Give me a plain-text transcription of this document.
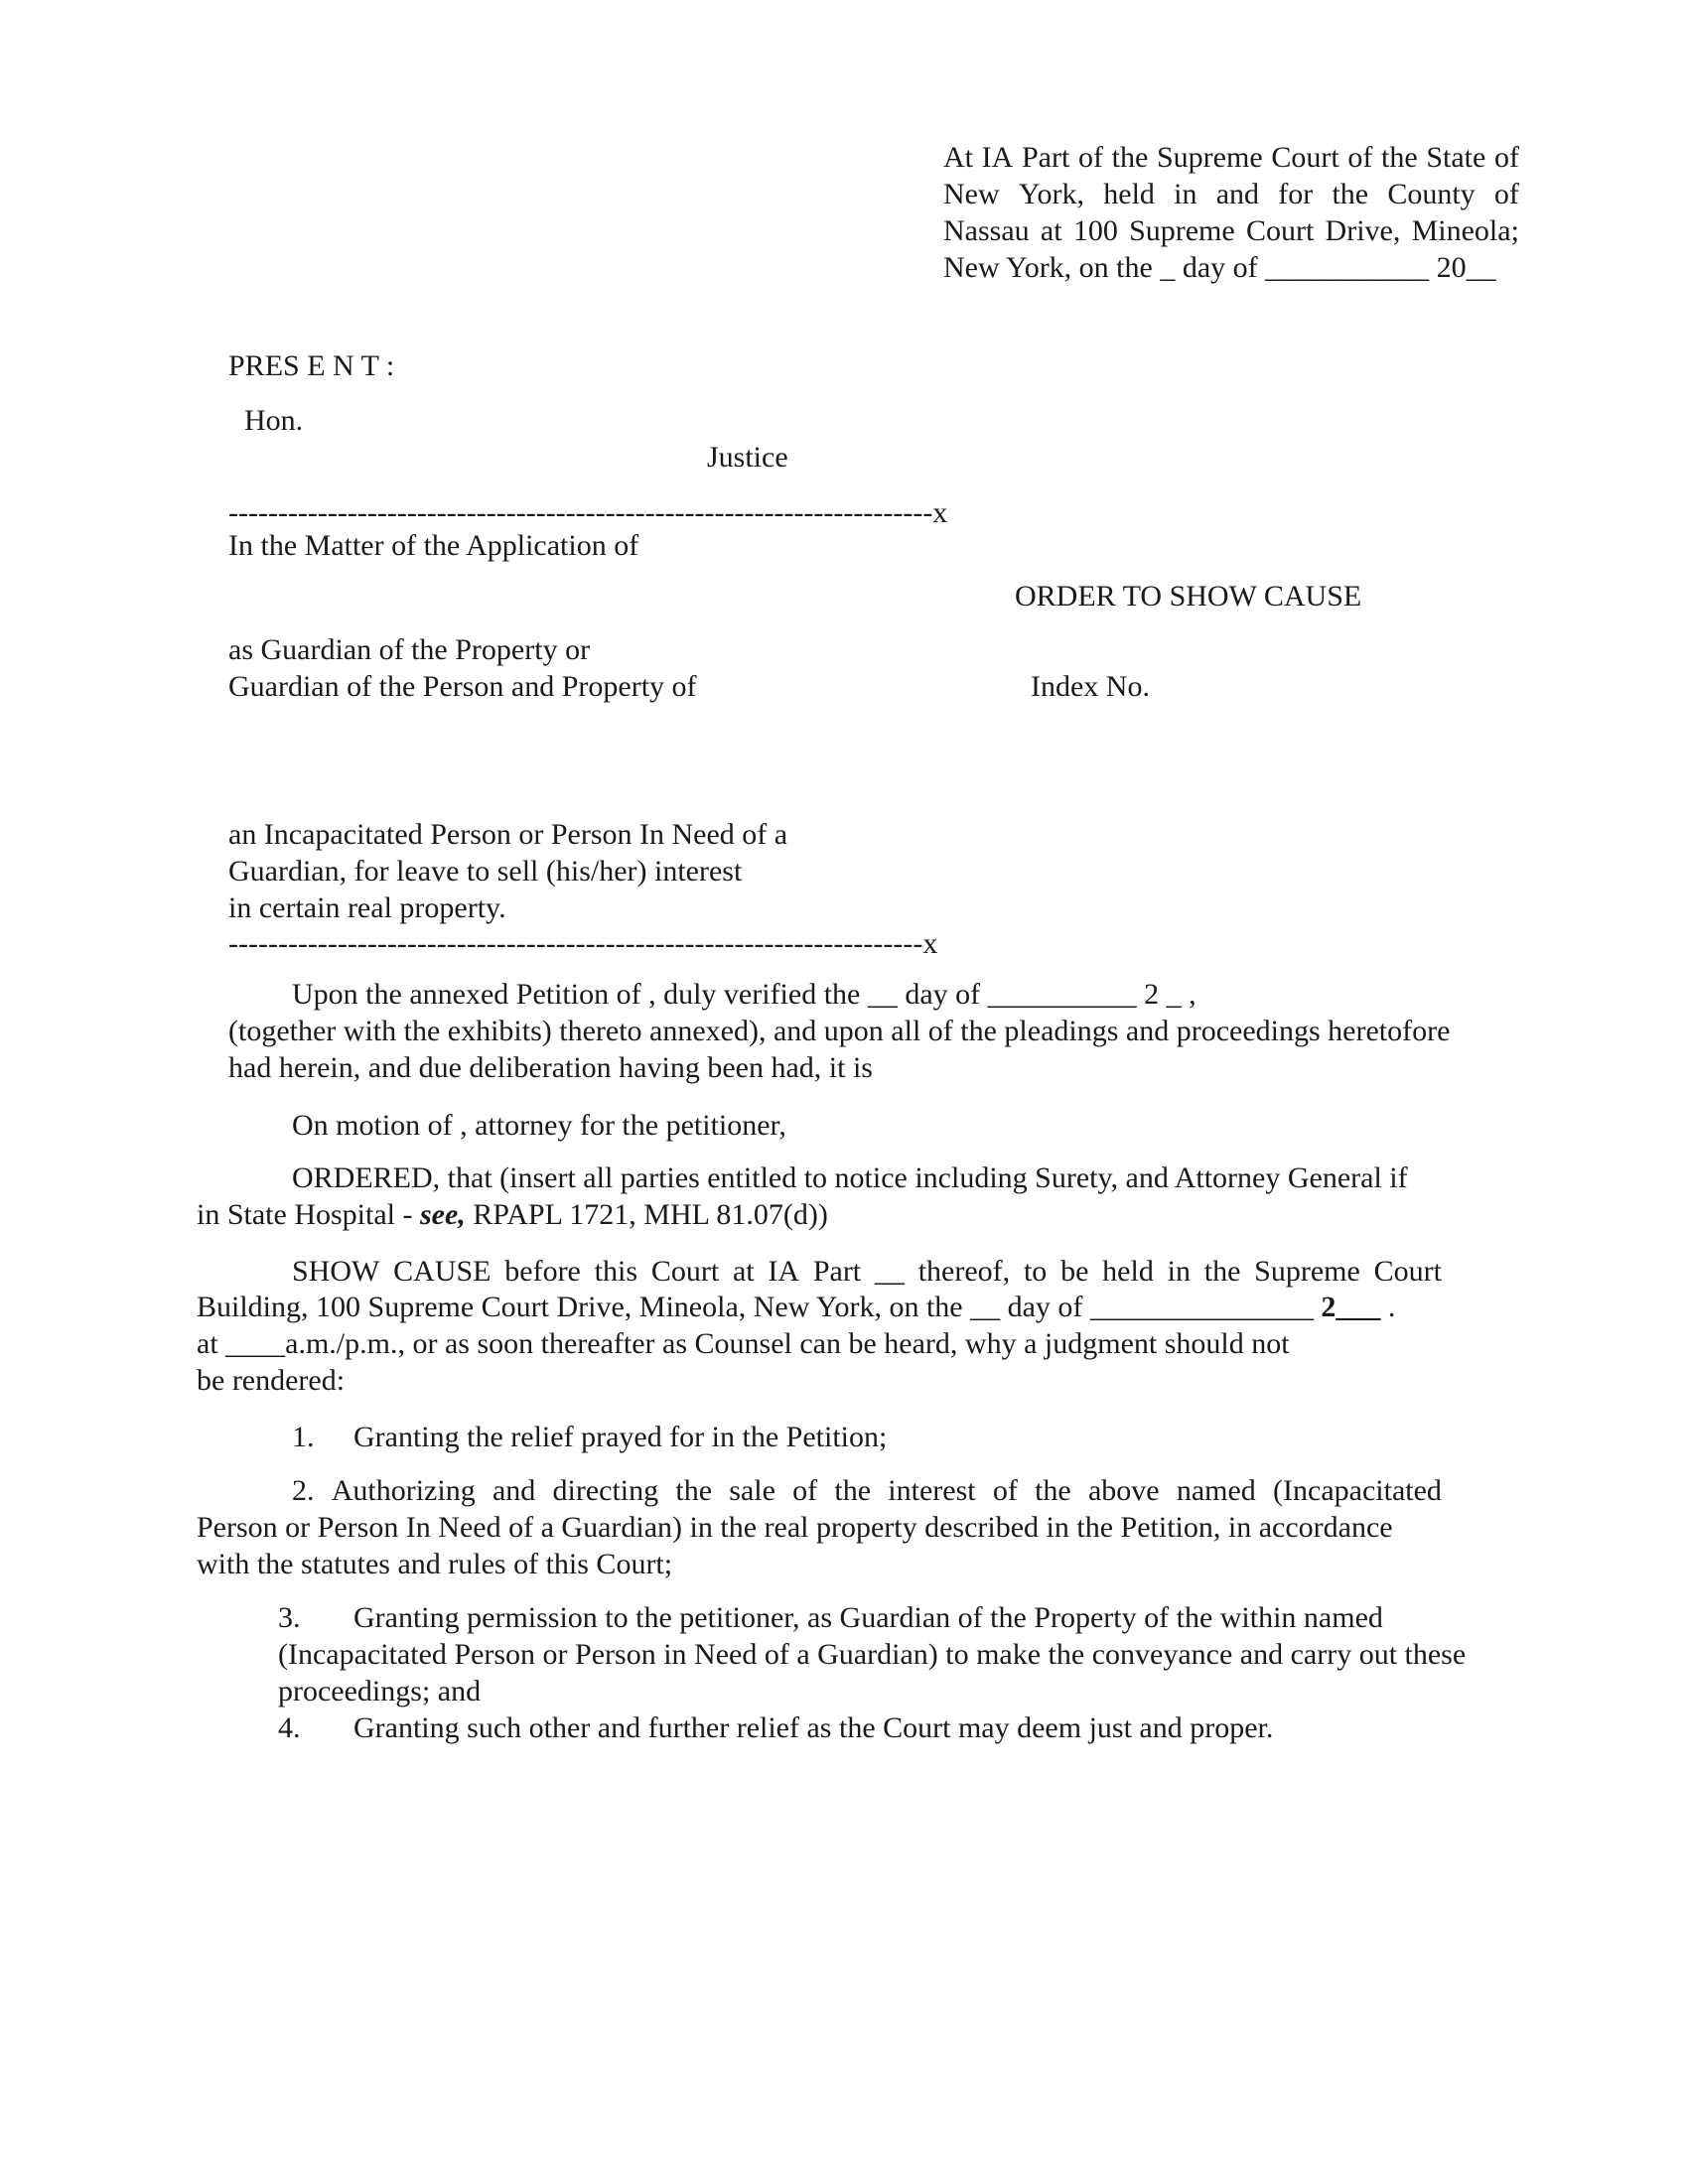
At IA Part of the Supreme Court of the State of
New York, held in and for the County of
Nassau at 100 Supreme Court Drive, Mineola;
New York, on the _ day of ___________ 20__
PRES E N T :
Hon.
Justice
-----------------------------------------------------------------------x
In the Matter of the Application of
ORDER TO SHOW CAUSE
as Guardian of the Property or
Guardian of the Person and Property of	Index No.
an Incapacitated Person or Person In Need of a
Guardian, for leave to sell (his/her) interest
in certain real property.
----------------------------------------------------------------------x
Upon the annexed Petition of , duly verified the __ day of __________ 2 _ ,
(together with the exhibits) thereto annexed), and upon all of the pleadings and proceedings heretofore
had herein, and due deliberation having been had, it is
On motion of , attorney for the petitioner,
ORDERED, that (insert all parties entitled to notice including Surety, and Attorney General if
in State Hospital - see, RPAPL 1721, MHL 81.07(d))
SHOW CAUSE before this Court at IA Part __ thereof, to be held in the Supreme Court
Building, 100 Supreme Court Drive, Mineola, New York, on the __ day of _______________ 2___ .
at ____a.m./p.m., or as soon thereafter as Counsel can be heard, why a judgment should not
be rendered:
1. Granting the relief prayed for in the Petition;
2. Authorizing and directing the sale of the interest of the above named (Incapacitated
Person or Person In Need of a Guardian) in the real property described in the Petition, in accordance
with the statutes and rules of this Court;
3. Granting permission to the petitioner, as Guardian of the Property of the within named
(Incapacitated Person or Person in Need of a Guardian) to make the conveyance and carry out these
proceedings; and
4. Granting such other and further relief as the Court may deem just and proper.
